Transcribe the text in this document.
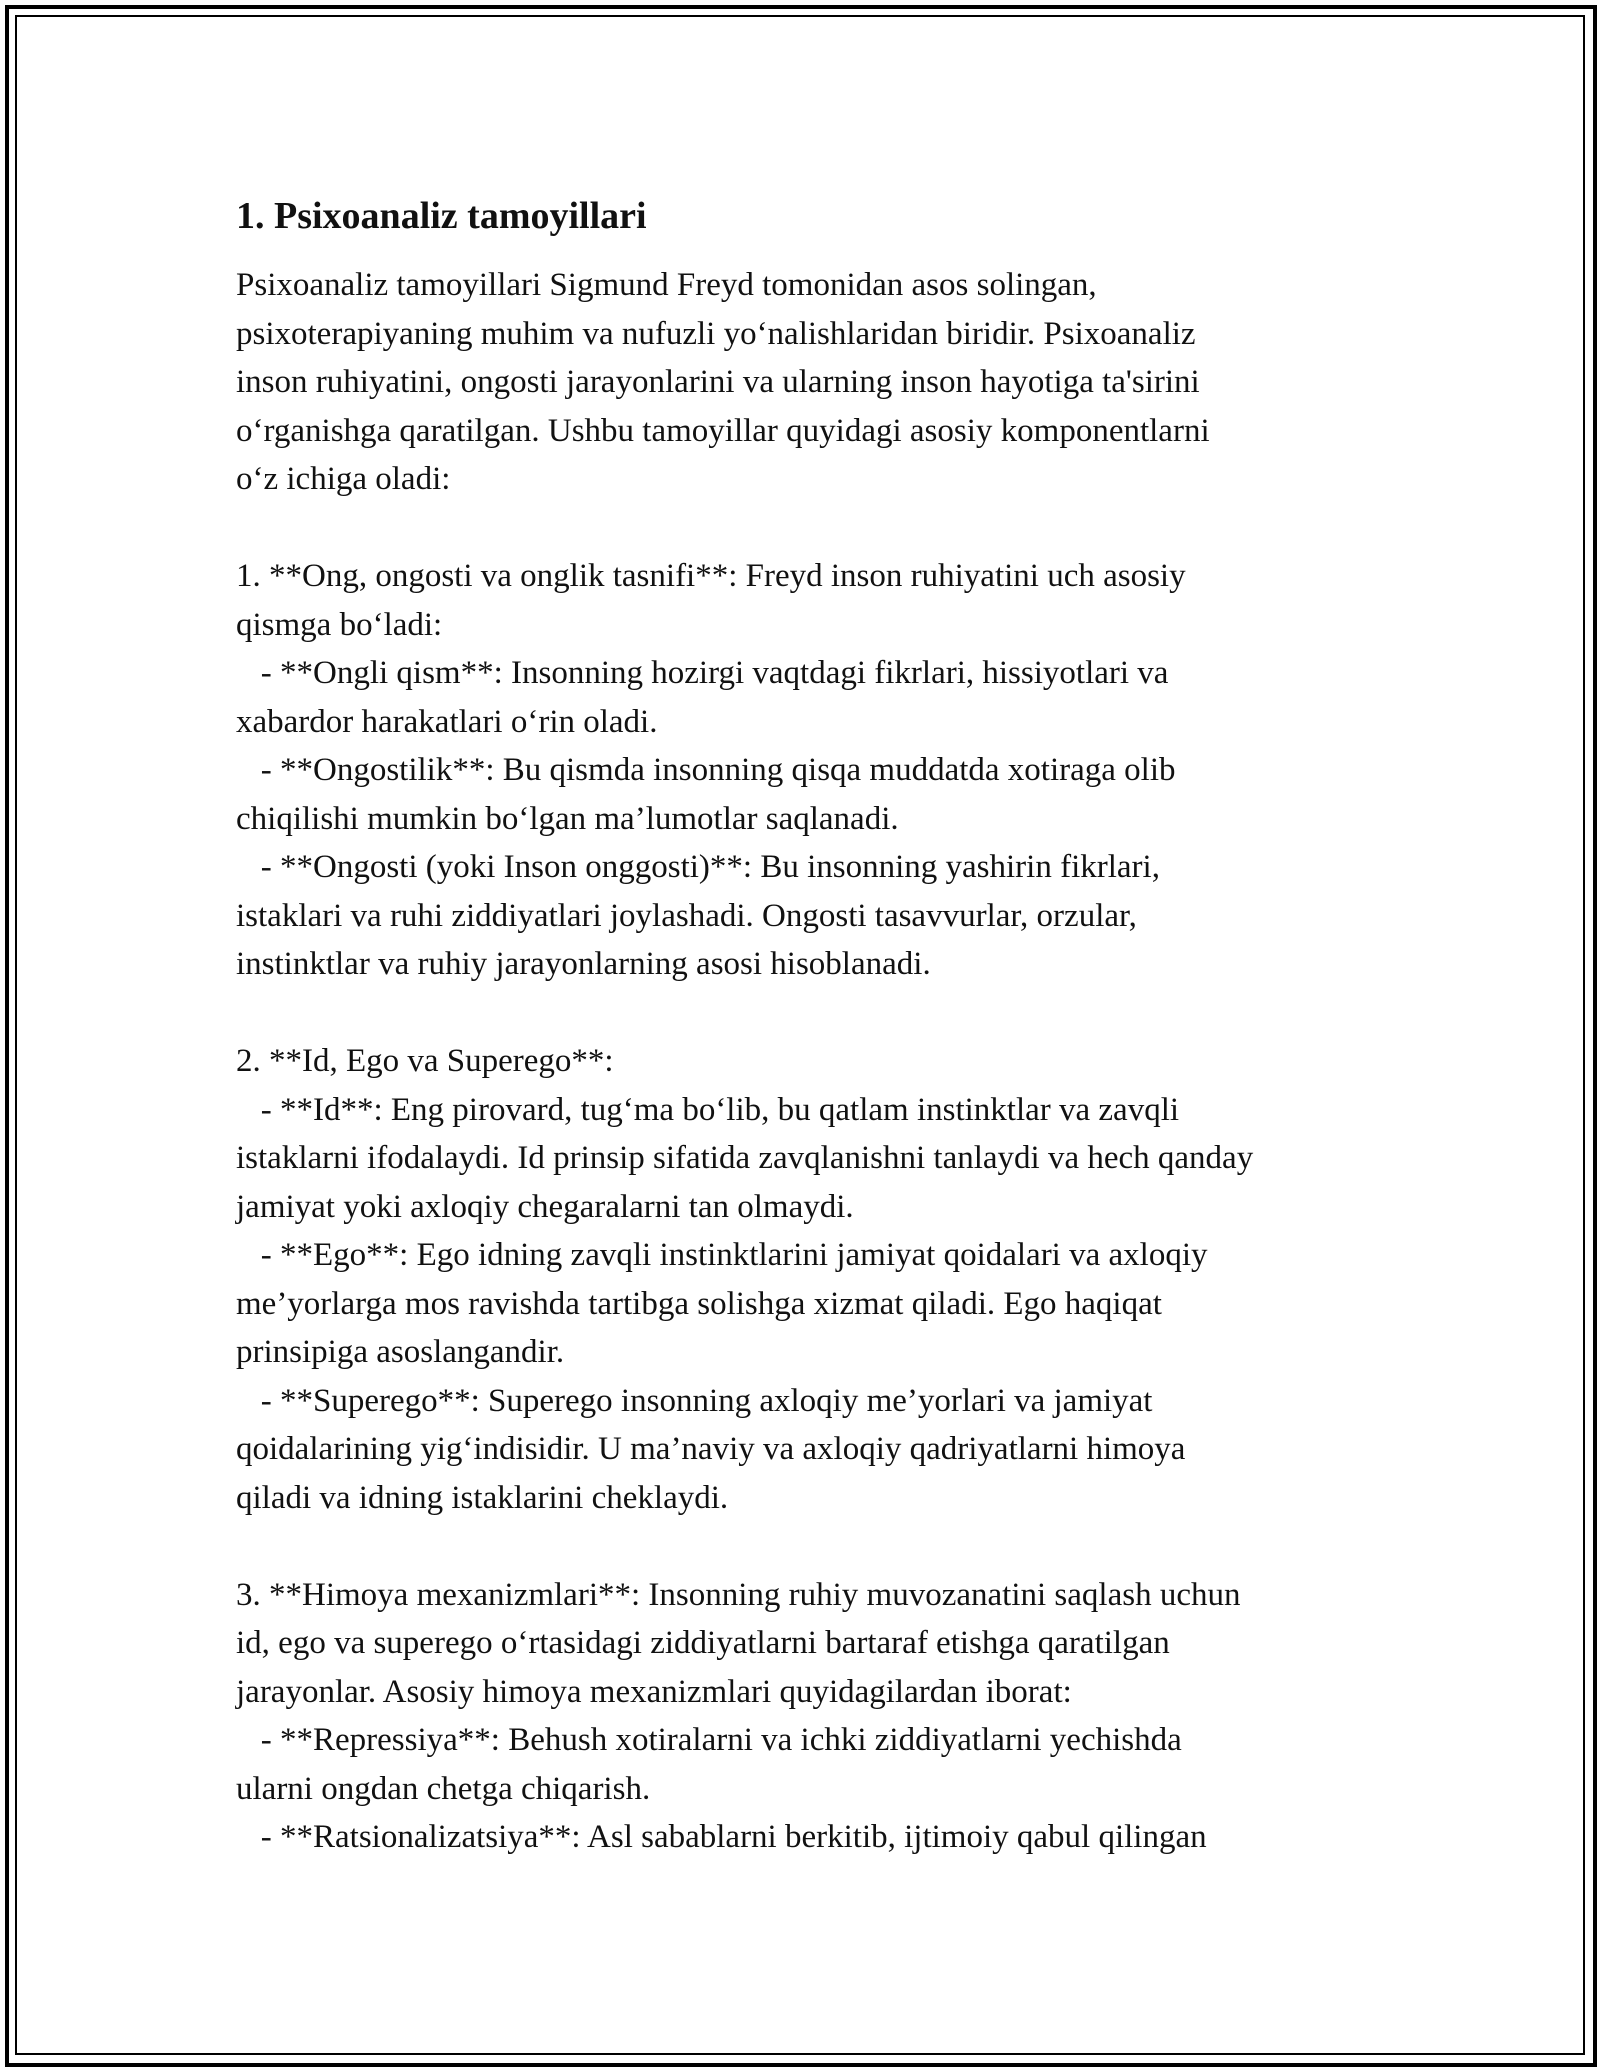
1. Psixoanaliz tamoyillari
Psixoanaliz tamoyillari Sigmund Freyd tomonidan asos solingan,
psixoterapiyaning muhim va nufuzli yo‘nalishlaridan biridir. Psixoanaliz
inson ruhiyatini, ongosti jarayonlarini va ularning inson hayotiga ta'sirini
o‘rganishga qaratilgan. Ushbu tamoyillar quyidagi asosiy komponentlarni
o‘z ichiga oladi:
1. **Ong, ongosti va onglik tasnifi**: Freyd inson ruhiyatini uch asosiy
qismga bo‘ladi:
- **Ongli qism**: Insonning hozirgi vaqtdagi fikrlari, hissiyotlari va
xabardor harakatlari o‘rin oladi.
- **Ongostilik**: Bu qismda insonning qisqa muddatda xotiraga olib
chiqilishi mumkin bo‘lgan ma’lumotlar saqlanadi.
- **Ongosti (yoki Inson onggosti)**: Bu insonning yashirin fikrlari,
istaklari va ruhi ziddiyatlari joylashadi. Ongosti tasavvurlar, orzular,
instinktlar va ruhiy jarayonlarning asosi hisoblanadi.
2. **Id, Ego va Superego**:
- **Id**: Eng pirovard, tug‘ma bo‘lib, bu qatlam instinktlar va zavqli
istaklarni ifodalaydi. Id prinsip sifatida zavqlanishni tanlaydi va hech qanday
jamiyat yoki axloqiy chegaralarni tan olmaydi.
- **Ego**: Ego idning zavqli instinktlarini jamiyat qoidalari va axloqiy
me’yorlarga mos ravishda tartibga solishga xizmat qiladi. Ego haqiqat
prinsipiga asoslangandir.
- **Superego**: Superego insonning axloqiy me’yorlari va jamiyat
qoidalarining yig‘indisidir. U ma’naviy va axloqiy qadriyatlarni himoya
qiladi va idning istaklarini cheklaydi.
3. **Himoya mexanizmlari**: Insonning ruhiy muvozanatini saqlash uchun
id, ego va superego o‘rtasidagi ziddiyatlarni bartaraf etishga qaratilgan
jarayonlar. Asosiy himoya mexanizmlari quyidagilardan iborat:
- **Repressiya**: Behush xotiralarni va ichki ziddiyatlarni yechishda
ularni ongdan chetga chiqarish.
- **Ratsionalizatsiya**: Asl sabablarni berkitib, ijtimoiy qabul qilingan
